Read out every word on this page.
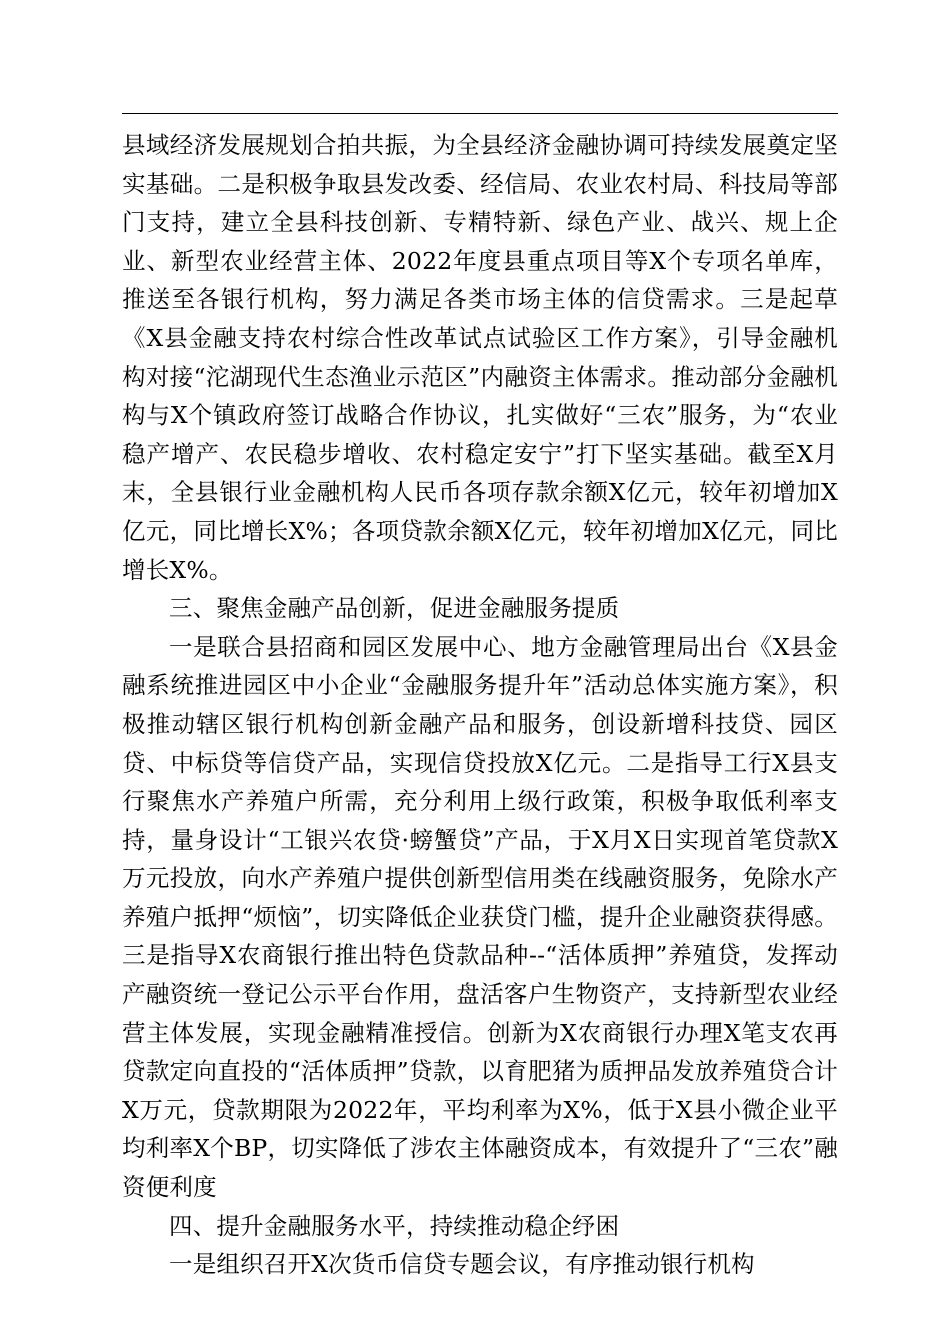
县域经济发展规划合拍共振，为全县经济金融协调可持续发展奠定坚实基础。二是积极争取县发改委、经信局、农业农村局、科技局等部门支持，建立全县科技创新、专精特新、绿色产业、战兴、规上企业、新型农业经营主体、2022年度县重点项目等X个专项名单库，推送至各银行机构，努力满足各类市场主体的信贷需求。三是起草《X县金融支持农村综合性改革试点试验区工作方案》，引导金融机构对接“沱湖现代生态渔业示范区”内融资主体需求。推动部分金融机构与X个镇政府签订战略合作协议，扎实做好“三农”服务，为“农业稳产增产、农民稳步增收、农村稳定安宁”打下坚实基础。截至X月末，全县银行业金融机构人民币各项存款余额X亿元，较年初增加X亿元，同比增长X%；各项贷款余额X亿元，较年初增加X亿元，同比增长X%。

三、聚焦金融产品创新，促进金融服务提质

一是联合县招商和园区发展中心、地方金融管理局出台《X县金融系统推进园区中小企业“金融服务提升年”活动总体实施方案》，积极推动辖区银行机构创新金融产品和服务，创设新增科技贷、园区贷、中标贷等信贷产品，实现信贷投放X亿元。二是指导工行X县支行聚焦水产养殖户所需，充分利用上级行政策，积极争取低利率支持，量身设计“工银兴农贷·螃蟹贷”产品，于X月X日实现首笔贷款X万元投放，向水产养殖户提供创新型信用类在线融资服务，免除水产养殖户抵押“烦恼”，切实降低企业获贷门槛，提升企业融资获得感。三是指导X农商银行推出特色贷款品种--“活体质押”养殖贷，发挥动产融资统一登记公示平台作用，盘活客户生物资产，支持新型农业经营主体发展，实现金融精准授信。创新为X农商银行办理X笔支农再贷款定向直投的“活体质押”贷款，以育肥猪为质押品发放养殖贷合计X万元，贷款期限为2022年，平均利率为X%，低于X县小微企业平均利率X个BP，切实降低了涉农主体融资成本，有效提升了“三农”融资便利度

四、提升金融服务水平，持续推动稳企纾困

一是组织召开X次货币信贷专题会议，有序推动银行机构
